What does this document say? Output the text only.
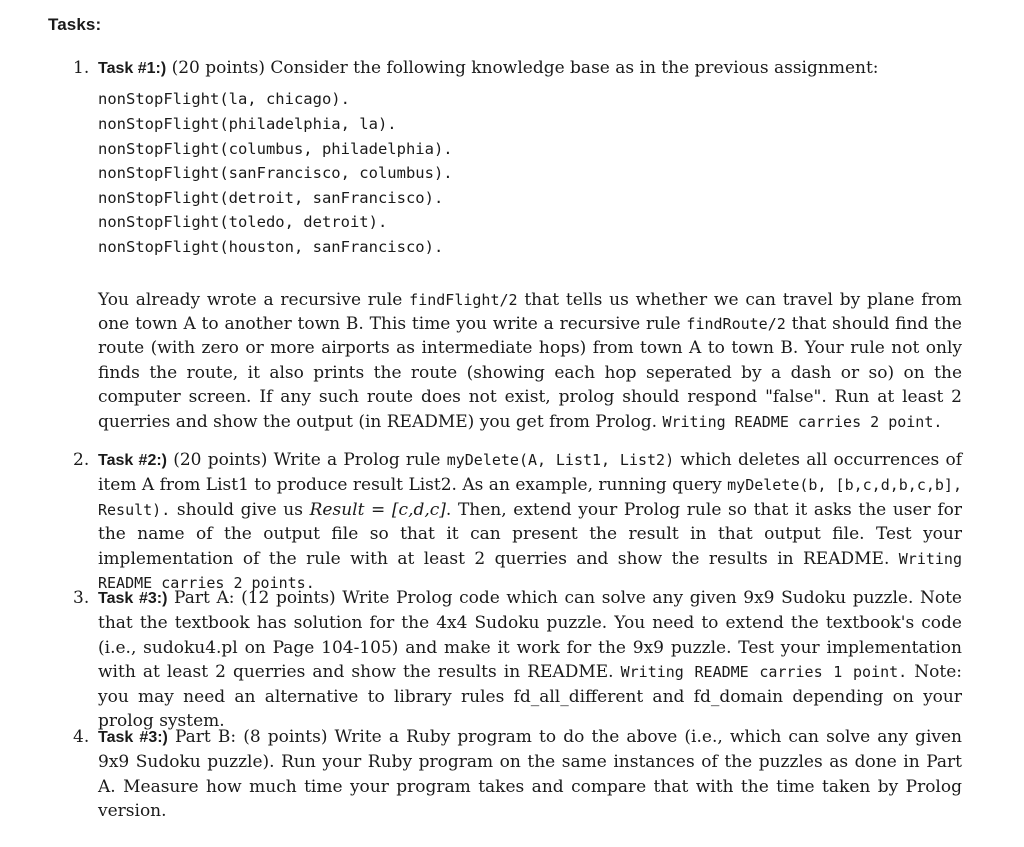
Tasks:
1. Task #1:) (20 points) Consider the following knowledge base as in the previous assignment:
nonStopFlight(la, chicago).
nonStopFlight(philadelphia, la).
nonStopFlight(columbus, philadelphia).
nonStopFlight(sanFrancisco, columbus).
nonStopFlight(detroit, sanFrancisco).
nonStopFlight(toledo, detroit).
nonStopFlight(houston, sanFrancisco).
You already wrote a recursive rule findFlight/2 that tells us whether we can travel by plane from one town A to another town B. This time you write a recursive rule findRoute/2 that should find the route (with zero or more airports as intermediate hops) from town A to town B. Your rule not only finds the route, it also prints the route (showing each hop seperated by a dash or so) on the computer screen. If any such route does not exist, prolog should respond "false". Run at least 2 querries and show the output (in README) you get from Prolog. Writing README carries 2 point.
2. Task #2:) (20 points) Write a Prolog rule myDelete(A, List1, List2) which deletes all occurrences of item A from List1 to produce result List2. As an example, running query myDelete(b, [b,c,d,b,c,b], Result). should give us Result = [c,d,c]. Then, extend your Prolog rule so that it asks the user for the name of the output file so that it can present the result in that output file. Test your implementation of the rule with at least 2 querries and show the results in README. Writing README carries 2 points.
3. Task #3:) Part A: (12 points) Write Prolog code which can solve any given 9x9 Sudoku puzzle. Note that the textbook has solution for the 4x4 Sudoku puzzle. You need to extend the textbook's code (i.e., sudoku4.pl on Page 104-105) and make it work for the 9x9 puzzle. Test your implementation with at least 2 querries and show the results in README. Writing README carries 1 point. Note: you may need an alternative to library rules fd_all_different and fd_domain depending on your prolog system.
4. Task #3:) Part B: (8 points) Write a Ruby program to do the above (i.e., which can solve any given 9x9 Sudoku puzzle). Run your Ruby program on the same instances of the puzzles as done in Part A. Measure how much time your program takes and compare that with the time taken by Prolog version.
